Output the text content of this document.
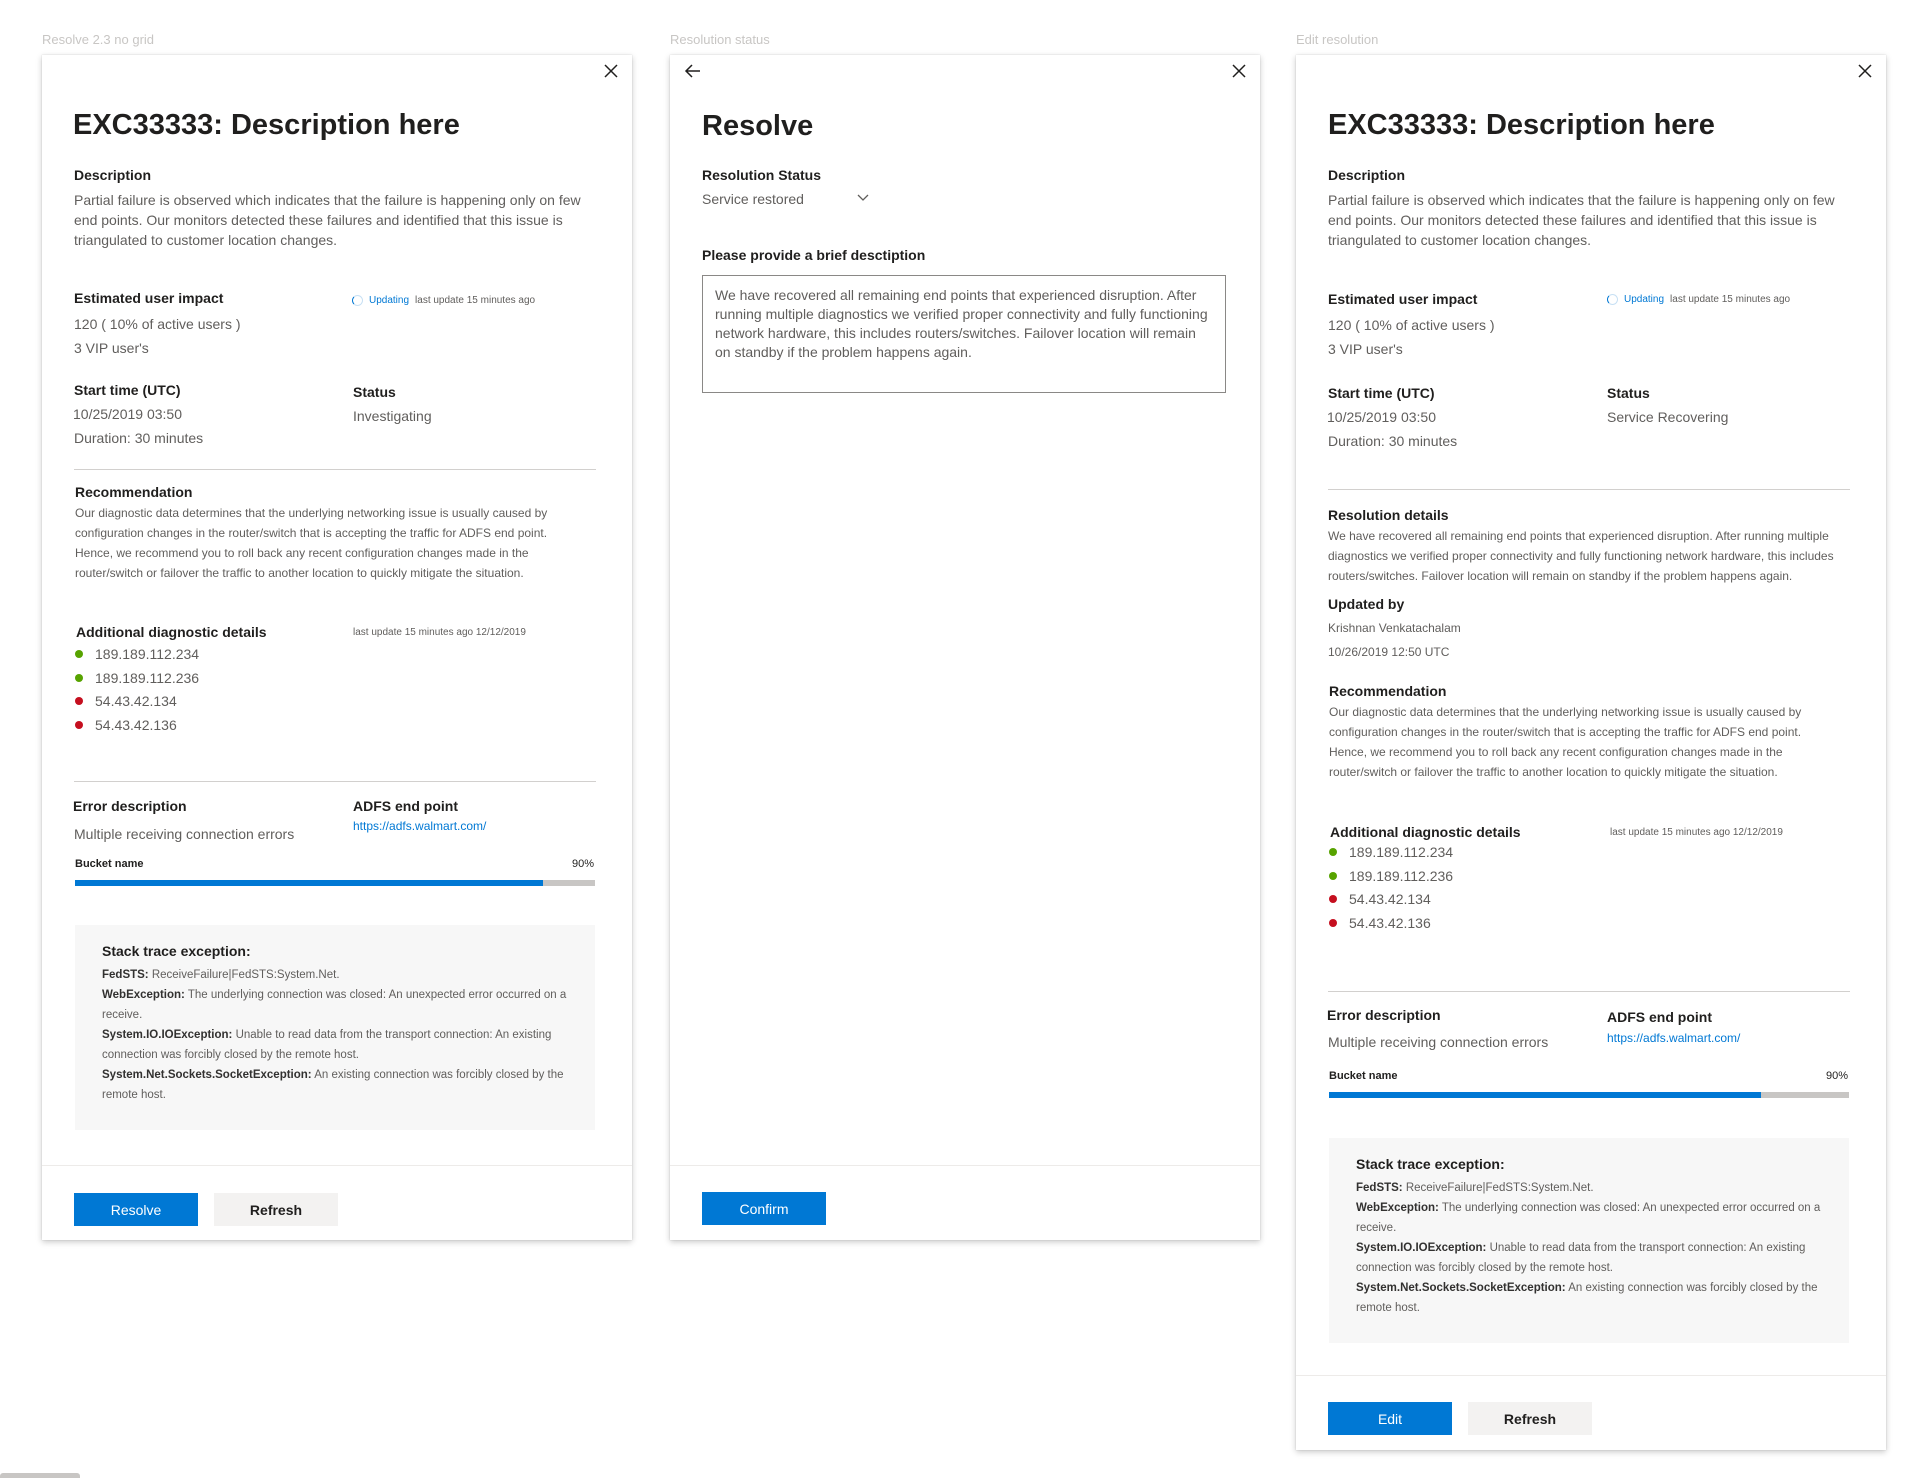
Resolve 2.3 no grid	Resolution status	Edit resolution
EXC33333: Description here
Description
Partial failure is observed which indicates that the failure is happening only on few end points. Our monitors detected these failures and identified that this issue is triangulated to customer location changes.
Estimated user impact	Updating last update 15 minutes ago
120 ( 10% of active users )
3 VIP user's
Start time (UTC)
10/25/2019 03:50
Duration: 30 minutes
Status
Investigating
Recommendation
Our diagnostic data determines that the underlying networking issue is usually caused by configuration changes in the router/switch that is accepting the traffic for ADFS end point. Hence, we recommend you to roll back any recent configuration changes made in the router/switch or failover the traffic to another location to quickly mitigate the situation.
Additional diagnostic details	last update 15 minutes ago 12/12/2019
189.189.112.234
189.189.112.236
54.43.42.134
54.43.42.136
Error description
Multiple receiving connection errors
ADFS end point
https://adfs.walmart.com/
Bucket name	90%
Stack trace exception:
FedSTS: ReceiveFailure|FedSTS:System.Net.
WebException: The underlying connection was closed: An unexpected error occurred on a receive.
System.IO.IOException: Unable to read data from the transport connection: An existing connection was forcibly closed by the remote host.
System.Net.Sockets.SocketException: An existing connection was forcibly closed by the remote host.
Resolve	Refresh
Resolve
Resolution Status
Service restored
Please provide a brief desctiption
We have recovered all remaining end points that experienced disruption. After running multiple diagnostics we verified proper connectivity and fully functioning network hardware, this includes routers/switches. Failover location will remain on standby if the problem happens again.
Confirm
EXC33333: Description here
Description
Partial failure is observed which indicates that the failure is happening only on few end points. Our monitors detected these failures and identified that this issue is triangulated to customer location changes.
Estimated user impact	Updating last update 15 minutes ago
120 ( 10% of active users )
3 VIP user's
Start time (UTC)
10/25/2019 03:50
Duration: 30 minutes
Status
Service Recovering
Resolution details
We have recovered all remaining end points that experienced disruption. After running multiple diagnostics we verified proper connectivity and fully functioning network hardware, this includes routers/switches. Failover location will remain on standby if the problem happens again.
Updated by
Krishnan Venkatachalam
10/26/2019 12:50 UTC
Recommendation
Our diagnostic data determines that the underlying networking issue is usually caused by configuration changes in the router/switch that is accepting the traffic for ADFS end point. Hence, we recommend you to roll back any recent configuration changes made in the router/switch or failover the traffic to another location to quickly mitigate the situation.
Additional diagnostic details	last update 15 minutes ago 12/12/2019
189.189.112.234
189.189.112.236
54.43.42.134
54.43.42.136
Error description
Multiple receiving connection errors
ADFS end point
https://adfs.walmart.com/
Bucket name	90%
Stack trace exception:
FedSTS: ReceiveFailure|FedSTS:System.Net.
WebException: The underlying connection was closed: An unexpected error occurred on a receive.
System.IO.IOException: Unable to read data from the transport connection: An existing connection was forcibly closed by the remote host.
System.Net.Sockets.SocketException: An existing connection was forcibly closed by the remote host.
Edit	Refresh
